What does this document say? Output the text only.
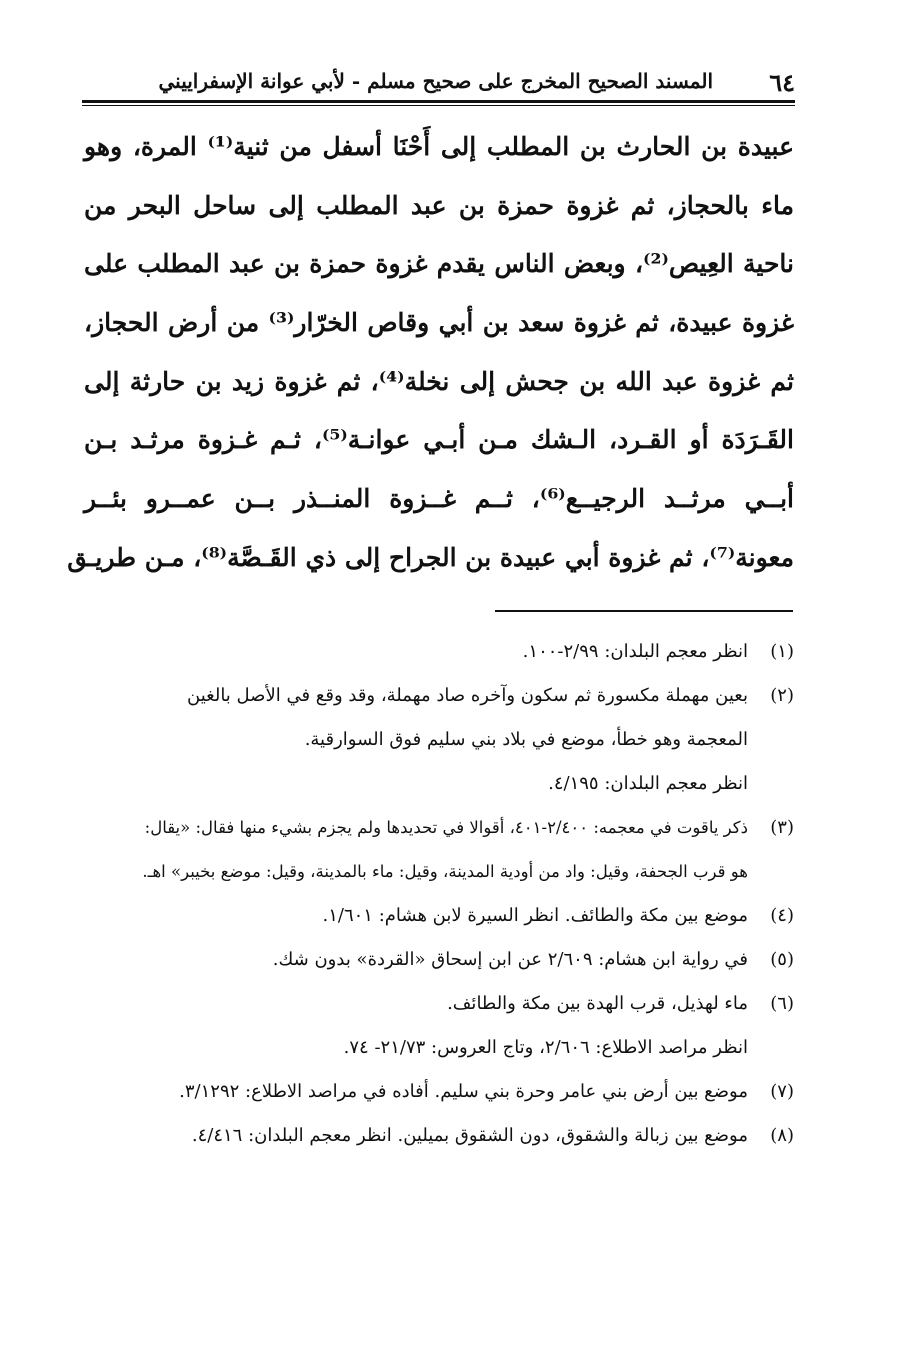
٦٤
المسند الصحيح المخرج على صحيح مسلم - لأبي عوانة الإسفراييني
عبيدة بن الحارث بن المطلب إلى أَحْنَا أسفل من ثنية⁽¹⁾ المرة، وهو
ماء بالحجاز، ثم غزوة حمزة بن عبد المطلب إلى ساحل البحر من
ناحية العِيص⁽²⁾، وبعض الناس يقدم غزوة حمزة بن عبد المطلب على
غزوة عبيدة، ثم غزوة سعد بن أبي وقاص الخرّار⁽³⁾ من أرض الحجاز،
ثم غزوة عبد الله بن جحش إلى نخلة⁽⁴⁾، ثم غزوة زيد بن حارثة إلى
القَـرَدَة أو القـرد، الـشك مـن أبـي عوانـة⁽⁵⁾، ثـم غـزوة مرثـد بـن
أبــي مرثــد الرجيــع⁽⁶⁾، ثــم غــزوة المنــذر بــن عمــرو بئــر
معونة⁽⁷⁾، ثم غزوة أبي عبيدة بن الجراح إلى ذي القَـصَّة⁽⁸⁾، مـن طريـق
(١)
انظر معجم البلدان: ٢/٩٩-١٠٠.
(٢)
بعين مهملة مكسورة ثم سكون وآخره صاد مهملة، وقد وقع في الأصل بالغين
المعجمة وهو خطأ، موضع في بلاد بني سليم فوق السوارقية.
انظر معجم البلدان: ٤/١٩٥.
(٣)
ذكر ياقوت في معجمه: ٢/٤٠٠-٤٠١، أقوالا في تحديدها ولم يجزم بشيء منها فقال: «يقال:
هو قرب الجحفة، وقيل: واد من أودية المدينة، وقيل: ماء بالمدينة، وقيل: موضع بخيبر» اهـ.
(٤)
موضع بين مكة والطائف. انظر السيرة لابن هشام: ١/٦٠١.
(٥)
في رواية ابن هشام: ٢/٦٠٩ عن ابن إسحاق «القردة» بدون شك.
(٦)
ماء لهذيل، قرب الهدة بين مكة والطائف.
انظر مراصد الاطلاع: ٢/٦٠٦، وتاج العروس: ٢١/٧٣- ٧٤.
(٧)
موضع بين أرض بني عامر وحرة بني سليم. أفاده في مراصد الاطلاع: ٣/١٢٩٢.
(٨)
موضع بين زبالة والشقوق، دون الشقوق بميلين. انظر معجم البلدان: ٤/٤١٦.
